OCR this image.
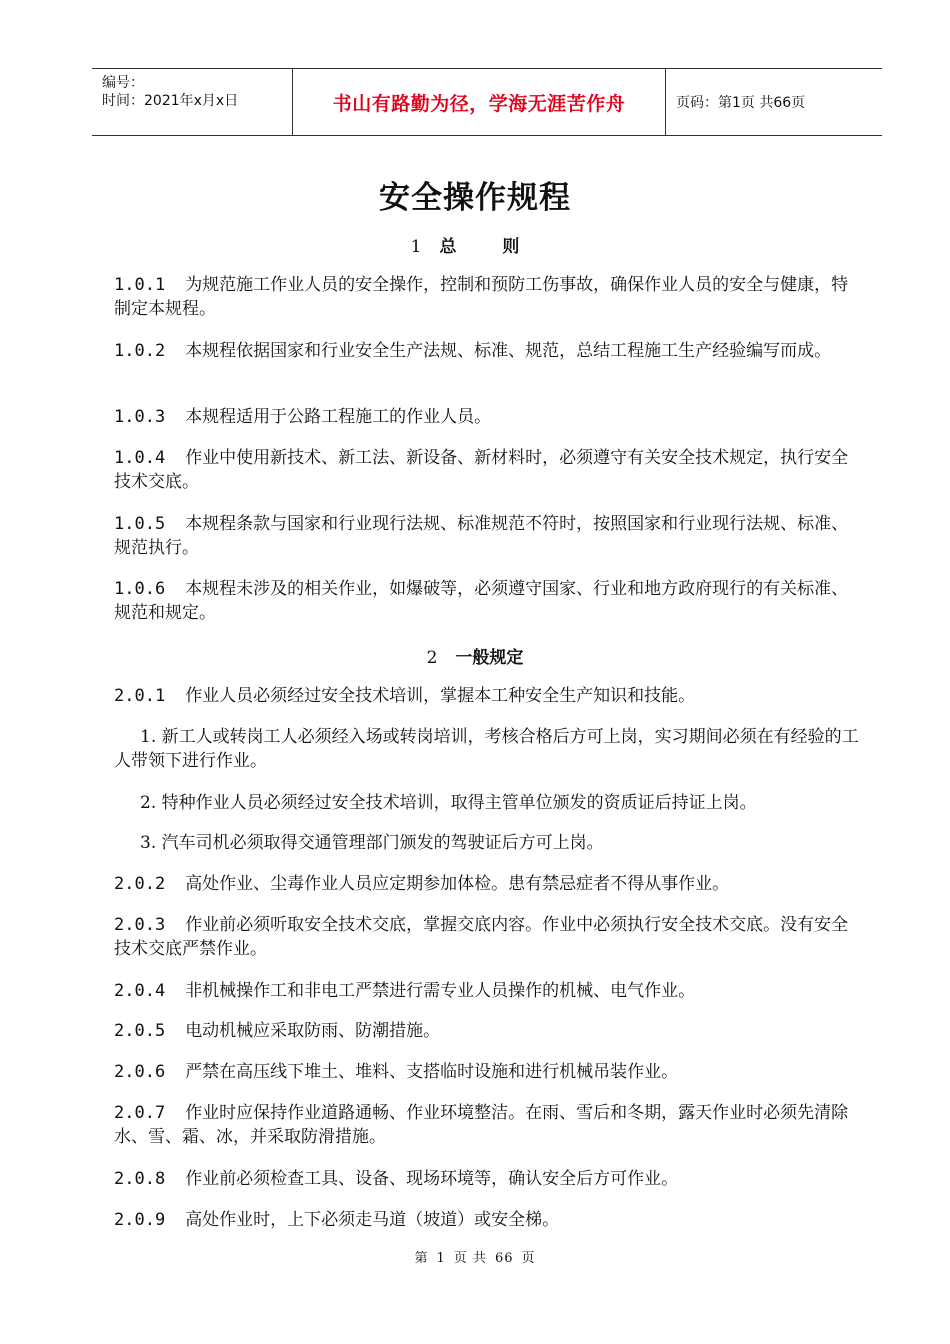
编号：
时间：2021年x月x日	书山有路勤为径，学海无涯苦作舟	页码：第1页 共66页
安全操作规程
1 总 则
1.0.1 为规范施工作业人员的安全操作，控制和预防工伤事故，确保作业人员的安全与健康，特制定本规程。
1.0.2 本规程依据国家和行业安全生产法规、标准、规范，总结工程施工生产经验编写而成。
1.0.3 本规程适用于公路工程施工的作业人员。
1.0.4 作业中使用新技术、新工法、新设备、新材料时，必须遵守有关安全技术规定，执行安全技术交底。
1.0.5 本规程条款与国家和行业现行法规、标准规范不符时，按照国家和行业现行法规、标准、规范执行。
1.0.6 本规程未涉及的相关作业，如爆破等，必须遵守国家、行业和地方政府现行的有关标准、规范和规定。
2 一般规定
2.0.1 作业人员必须经过安全技术培训，掌握本工种安全生产知识和技能。
1. 新工人或转岗工人必须经入场或转岗培训，考核合格后方可上岗，实习期间必须在有经验的工人带领下进行作业。
2. 特种作业人员必须经过安全技术培训，取得主管单位颁发的资质证后持证上岗。
3. 汽车司机必须取得交通管理部门颁发的驾驶证后方可上岗。
2.0.2 高处作业、尘毒作业人员应定期参加体检。患有禁忌症者不得从事作业。
2.0.3 作业前必须听取安全技术交底，掌握交底内容。作业中必须执行安全技术交底。没有安全技术交底严禁作业。
2.0.4 非机械操作工和非电工严禁进行需专业人员操作的机械、电气作业。
2.0.5 电动机械应采取防雨、防潮措施。
2.0.6 严禁在高压线下堆土、堆料、支搭临时设施和进行机械吊装作业。
2.0.7 作业时应保持作业道路通畅、作业环境整洁。在雨、雪后和冬期，露天作业时必须先清除水、雪、霜、冰，并采取防滑措施。
2.0.8 作业前必须检查工具、设备、现场环境等，确认安全后方可作业。
2.0.9 高处作业时，上下必须走马道（坡道）或安全梯。
第 1 页 共 66 页
